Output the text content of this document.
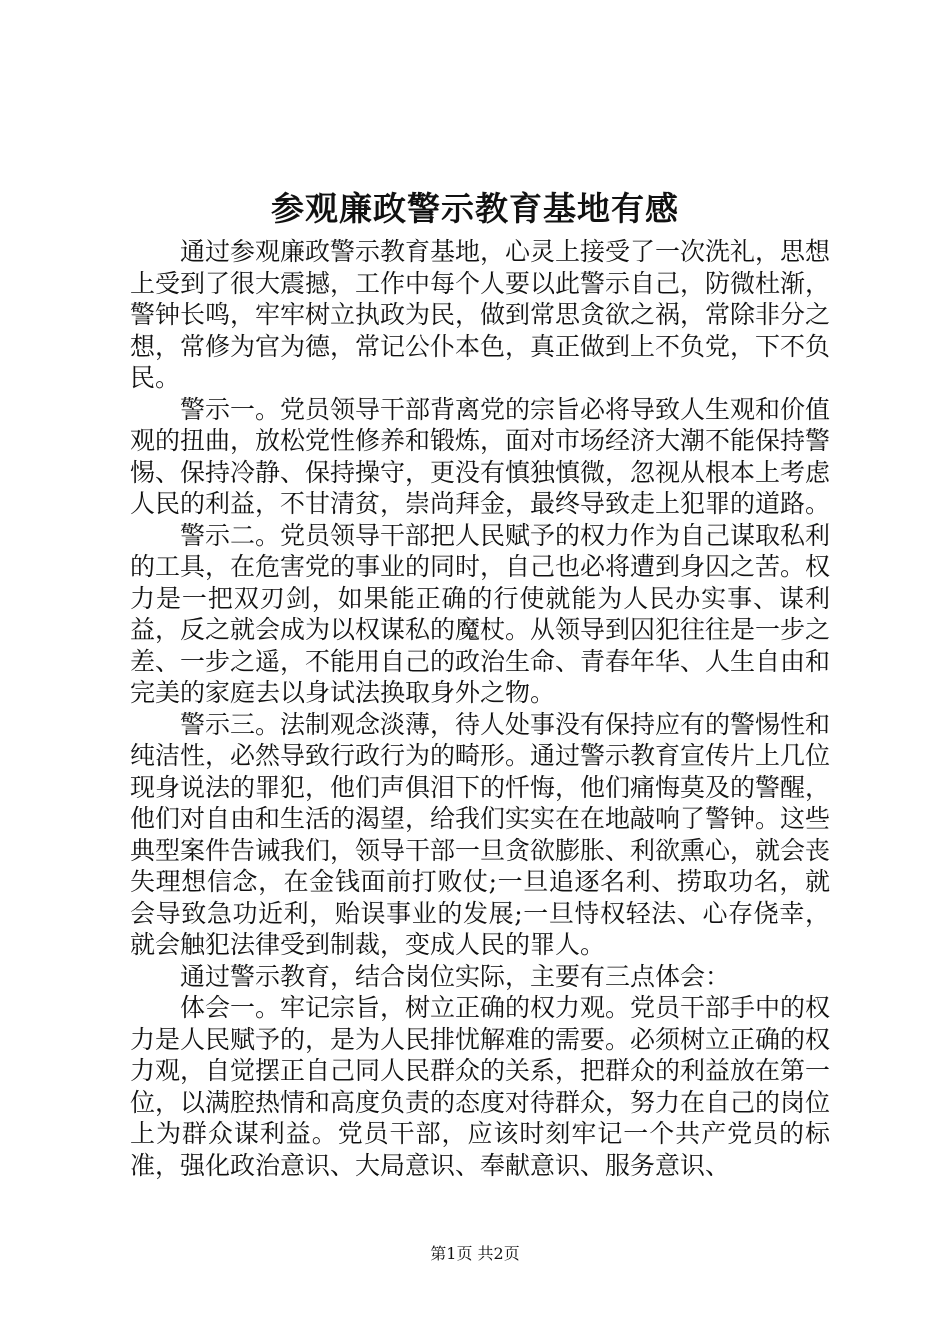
参观廉政警示教育基地有感

通过参观廉政警示教育基地，心灵上接受了一次洗礼，思想上受到了很大震撼，工作中每个人要以此警示自己，防微杜渐，警钟长鸣，牢牢树立执政为民，做到常思贪欲之祸，常除非分之想，常修为官为德，常记公仆本色，真正做到上不负党，下不负民。

警示一。党员领导干部背离党的宗旨必将导致人生观和价值观的扭曲，放松党性修养和锻炼，面对市场经济大潮不能保持警惕、保持冷静、保持操守，更没有慎独慎微，忽视从根本上考虑人民的利益，不甘清贫，崇尚拜金，最终导致走上犯罪的道路。

警示二。党员领导干部把人民赋予的权力作为自己谋取私利的工具，在危害党的事业的同时，自己也必将遭到身囚之苦。权力是一把双刃剑，如果能正确的行使就能为人民办实事、谋利益，反之就会成为以权谋私的魔杖。从领导到囚犯往往是一步之差、一步之遥，不能用自己的政治生命、青春年华、人生自由和完美的家庭去以身试法换取身外之物。

警示三。法制观念淡薄，待人处事没有保持应有的警惕性和纯洁性，必然导致行政行为的畸形。通过警示教育宣传片上几位现身说法的罪犯，他们声俱泪下的忏悔，他们痛悔莫及的警醒，他们对自由和生活的渴望，给我们实实在在地敲响了警钟。这些典型案件告诫我们，领导干部一旦贪欲膨胀、利欲熏心，就会丧失理想信念，在金钱面前打败仗;一旦追逐名利、捞取功名，就会导致急功近利，贻误事业的发展;一旦恃权轻法、心存侥幸，就会触犯法律受到制裁，变成人民的罪人。

通过警示教育，结合岗位实际，主要有三点体会：

体会一。牢记宗旨，树立正确的权力观。党员干部手中的权力是人民赋予的，是为人民排忧解难的需要。必须树立正确的权力观，自觉摆正自己同人民群众的关系，把群众的利益放在第一位，以满腔热情和高度负责的态度对待群众，努力在自己的岗位上为群众谋利益。党员干部，应该时刻牢记一个共产党员的标准，强化政治意识、大局意识、奉献意识、服务意识、

第1页 共2页
